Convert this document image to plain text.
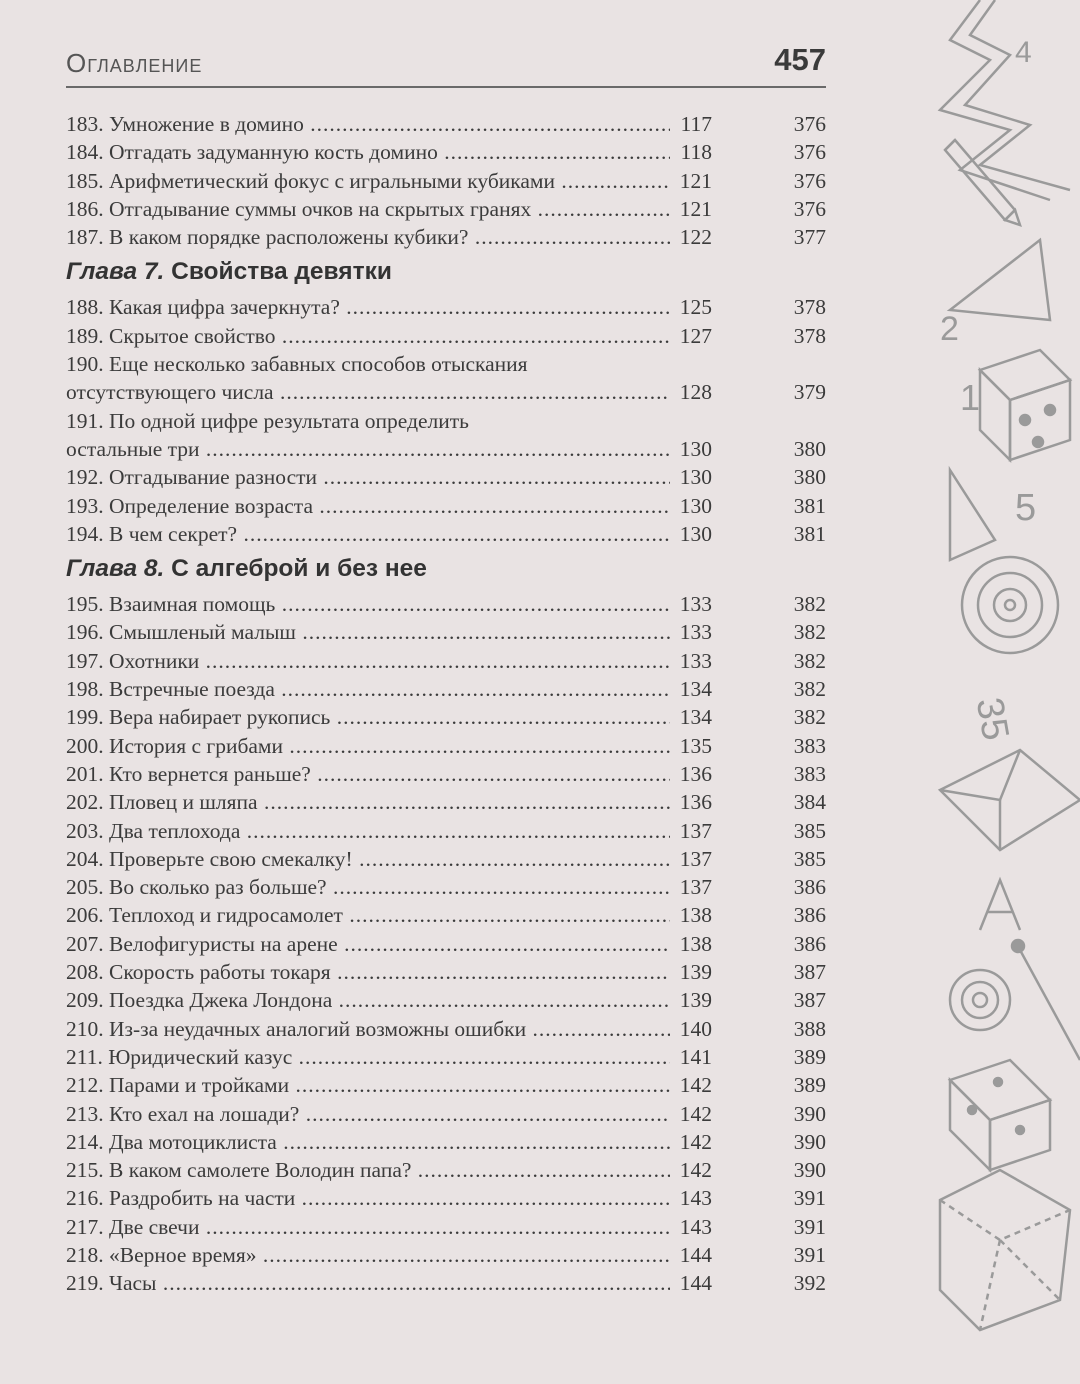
Оглавление	457
183. Умножение в домино .....	117	376
184. Отгадать задуманную кость домино .....	118	376
185. Арифметический фокус с игральными кубиками .....	121	376
186. Отгадывание суммы очков на скрытых гранях .....	121	376
187. В каком порядке расположены кубики? .....	122	377
Глава 7. Свойства девятки
188. Какая цифра зачеркнута? .....	125	378
189. Скрытое свойство .....	127	378
190. Еще несколько забавных способов отыскания
отсутствующего числа .....	128	379
191. По одной цифре результата определить
остальные три .....	130	380
192. Отгадывание разности .....	130	380
193. Определение возраста .....	130	381
194. В чем секрет? .....	130	381
Глава 8. С алгеброй и без нее
195. Взаимная помощь .....	133	382
196. Смышленый малыш .....	133	382
197. Охотники .....	133	382
198. Встречные поезда .....	134	382
199. Вера набирает рукопись .....	134	382
200. История с грибами .....	135	383
201. Кто вернется раньше? .....	136	383
202. Пловец и шляпа .....	136	384
203. Два теплохода .....	137	385
204. Проверьте свою смекалку! .....	137	385
205. Во сколько раз больше? .....	137	386
206. Теплоход и гидросамолет .....	138	386
207. Велофигуристы на арене .....	138	386
208. Скорость работы токаря .....	139	387
209. Поездка Джека Лондона .....	139	387
210. Из-за неудачных аналогий возможны ошибки .....	140	388
211. Юридический казус .....	141	389
212. Парами и тройками .....	142	389
213. Кто ехал на лошади? .....	142	390
214. Два мотоциклиста .....	142	390
215. В каком самолете Володин папа? .....	142	390
216. Раздробить на части .....	143	391
217. Две свечи .....	143	391
218. «Верное время» .....	144	391
219. Часы .....	144	392
4
2
1
5
35
